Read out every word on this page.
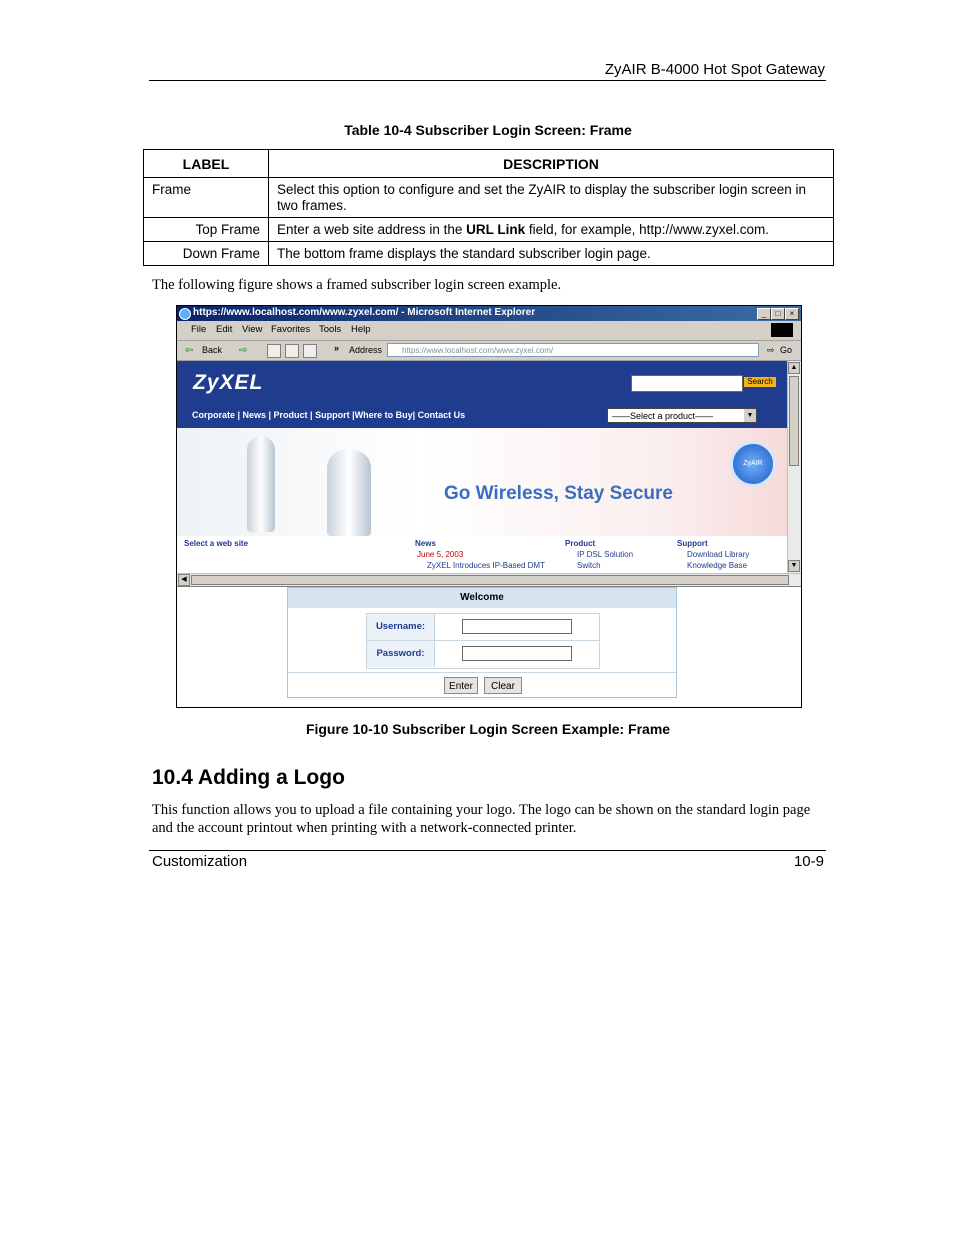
ZyAIR B-4000 Hot Spot Gateway
Table 10-4 Subscriber Login Screen: Frame
LABEL	DESCRIPTION
Frame	Select this option to configure and set the ZyAIR to display the subscriber login screen in two frames.
Top Frame	Enter a web site address in the URL Link field, for example, http://www.zyxel.com.
Down Frame	The bottom frame displays the standard subscriber login page.
The following figure shows a framed subscriber login screen example.
https://www.localhost.com/www.zyxel.com/ - Microsoft Internet Explorer	_	□	×
File Edit View Favorites Tools Help
⇦ Back ⇨	» Address	https://www.localhost.com/www.zyxel.com/	⇨ Go
ZyXEL	Search
Corporate | News | Product | Support |Where to Buy| Contact Us	——Select a product——	▼
ZyAIR
Go Wireless, Stay Secure
Select a web site	News
June 5, 2003
ZyXEL Introduces IP-Based DMT
Product
IP DSL Solution
Switch
Support
Download Library
Knowledge Base
▲
▼
◀
Welcome
Username:
Password:
Enter	Clear
Figure 10-10 Subscriber Login Screen Example: Frame
10.4 Adding a Logo
This function allows you to upload a file containing your logo. The logo can be shown on the standard login page and the account printout when printing with a network-connected printer.
Customization	10-9
